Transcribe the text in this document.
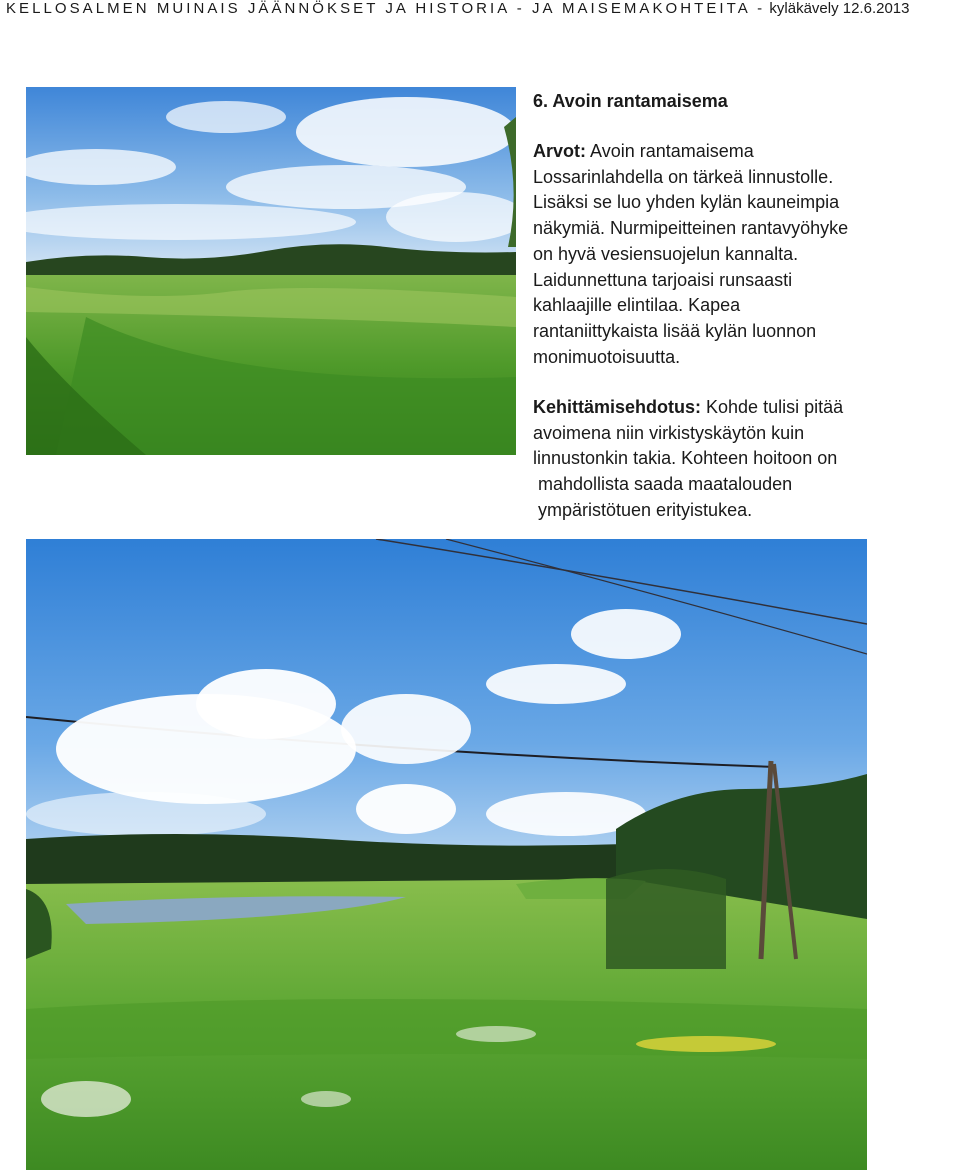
KELLOSALMEN MUINAIS JÄÄNNÖKSET JA HISTORIA - JA MAISEMAKOHTEITA - kyläkävely 12.6.2013
6. Avoin rantamaisema
Arvot: Avoin rantamaisema
Lossarinlahdella on tärkeä linnustolle.
Lisäksi se luo yhden kylän kauneimpia
näkymiä. Nurmipeitteinen rantavyöhyke
on hyvä vesiensuojelun kannalta.
Laidunnettuna tarjoaisi runsaasti
kahlaajille elintilaa. Kapea
rantaniittykaista lisää kylän luonnon
monimuotoisuutta.
Kehittämisehdotus: Kohde tulisi pitää
avoimena niin virkistyskäytön kuin
linnustonkin takia. Kohteen hoitoon on
mahdollista saada maatalouden
ympäristötuen erityistukea.
